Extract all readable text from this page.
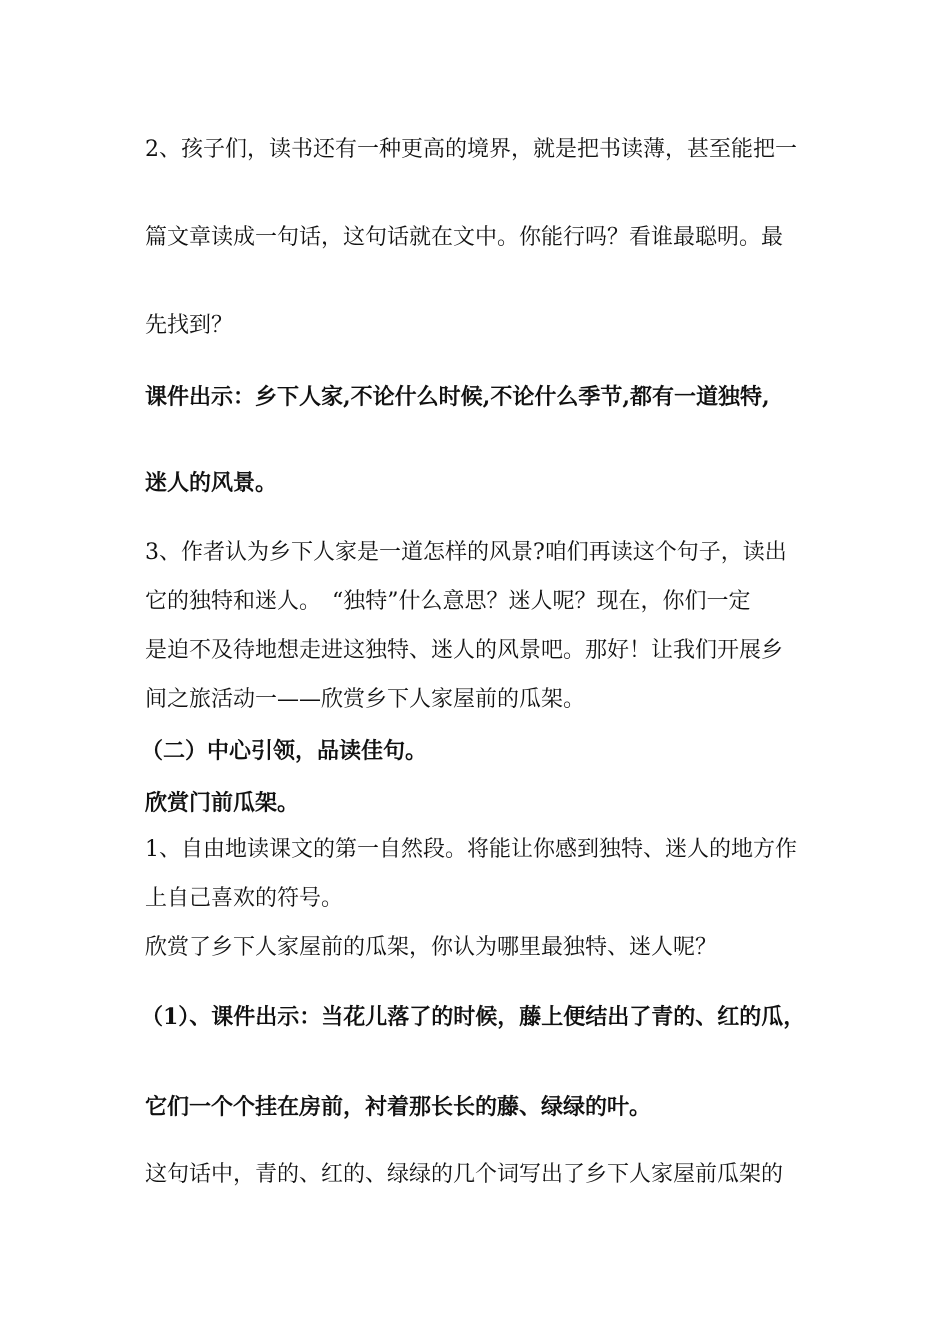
2、孩子们，读书还有一种更高的境界，就是把书读薄，甚至能把一
篇文章读成一句话，这句话就在文中。你能行吗？看谁最聪明。最
先找到？
课件出示：乡下人家,不论什么时候,不论什么季节,都有一道独特,
迷人的风景。
3、作者认为乡下人家是一道怎样的风景?咱们再读这个句子，读出
它的独特和迷人。　“独特”什么意思？迷人呢？现在，你们一定
是迫不及待地想走进这独特、迷人的风景吧。那好！让我们开展乡
间之旅活动一——欣赏乡下人家屋前的瓜架。
（二）中心引领，品读佳句。
欣赏门前瓜架。
1、自由地读课文的第一自然段。将能让你感到独特、迷人的地方作
上自己喜欢的符号。
欣赏了乡下人家屋前的瓜架，你认为哪里最独特、迷人呢？
（1）、课件出示：当花儿落了的时候，藤上便结出了青的、红的瓜，
它们一个个挂在房前，衬着那长长的藤、绿绿的叶。
这句话中，青的、红的、绿绿的几个词写出了乡下人家屋前瓜架的
